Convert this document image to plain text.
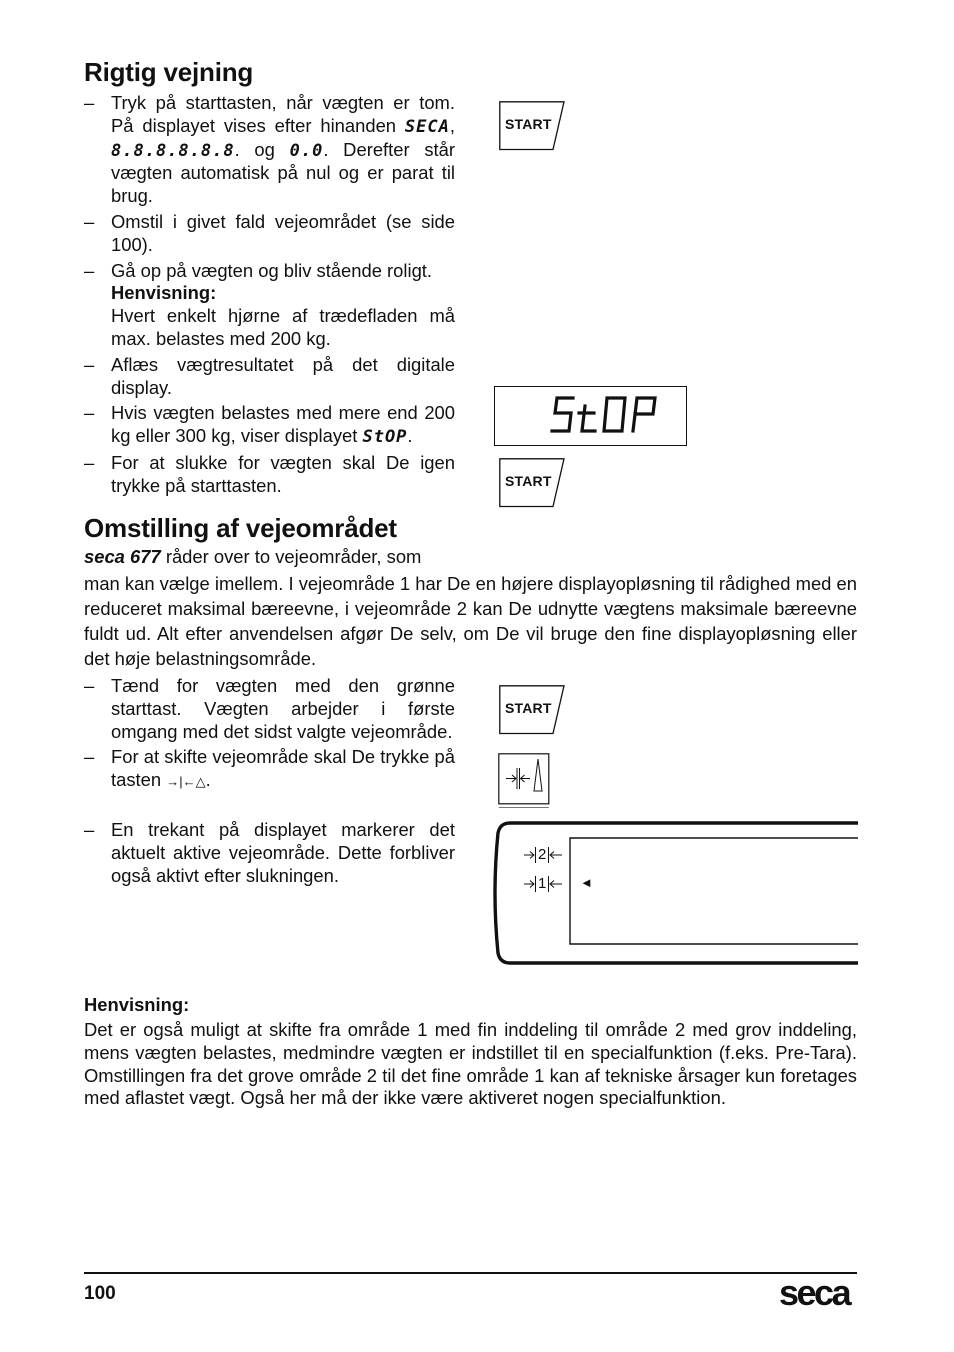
Rigtig vejning
– Tryk på starttasten, når vægten er tom. På displayet vises efter hinanden SECA, 8.8.8.8.8.8. og 0.0. Derefter står vægten automatisk på nul og er parat til brug.
– Omstil i givet fald vejeområdet (se side 100).
– Gå op på vægten og bliv stående roligt.
Henvisning:
Hvert enkelt hjørne af trædefladen må max. belastes med 200 kg.
– Aflæs vægtresultatet på det digitale display.
– Hvis vægten belastes med mere end 200 kg eller 300 kg, viser displayet StOP.
– For at slukke for vægten skal De igen trykke på starttasten.
START
START
Omstilling af vejeområdet
seca 677 råder over to vejeområder, som
man kan vælge imellem. I vejeområde 1 har De en højere displayopløsning til rådighed med en reduceret maksimal bæreevne, i vejeområde 2 kan De udnytte vægtens maksimale bæreevne fuldt ud. Alt efter anvendelsen afgør De selv, om De vil bruge den fine displayopløsning eller det høje belastningsområde.
– Tænd for vægten med den grønne starttast. Vægten arbejder i første omgang med det sidst valgte vejeområde.
– For at skifte vejeområde skal De trykke på tasten →|←△.
– En trekant på displayet markerer det aktuelt aktive vejeområde. Dette forbliver også aktivt efter slukningen.
START
2
1	◄
Henvisning:
Det er også muligt at skifte fra område 1 med fin inddeling til område 2 med grov inddeling, mens vægten belastes, medmindre vægten er indstillet til en specialfunktion (f.eks. Pre-Tara). Omstillingen fra det grove område 2 til det fine område 1 kan af tekniske årsager kun foretages med aflastet vægt. Også her må der ikke være aktiveret nogen specialfunktion.
100	seca
